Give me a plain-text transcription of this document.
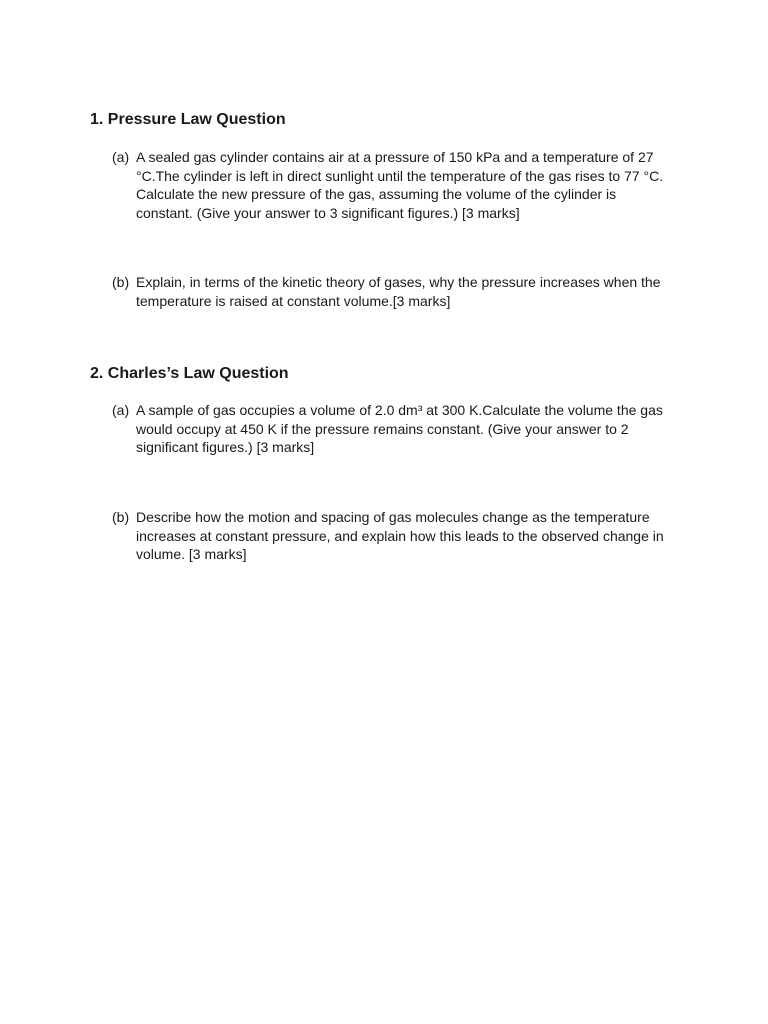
1. Pressure Law Question
(a) A sealed gas cylinder contains air at a pressure of 150 kPa and a temperature of 27 °C.The cylinder is left in direct sunlight until the temperature of the gas rises to 77 °C. Calculate the new pressure of the gas, assuming the volume of the cylinder is constant. (Give your answer to 3 significant figures.) [3 marks]
(b) Explain, in terms of the kinetic theory of gases, why the pressure increases when the temperature is raised at constant volume.[3 marks]
2. Charles’s Law Question
(a) A sample of gas occupies a volume of 2.0 dm³ at 300 K.Calculate the volume the gas would occupy at 450 K if the pressure remains constant. (Give your answer to 2 significant figures.) [3 marks]
(b) Describe how the motion and spacing of gas molecules change as the temperature increases at constant pressure, and explain how this leads to the observed change in volume. [3 marks]
